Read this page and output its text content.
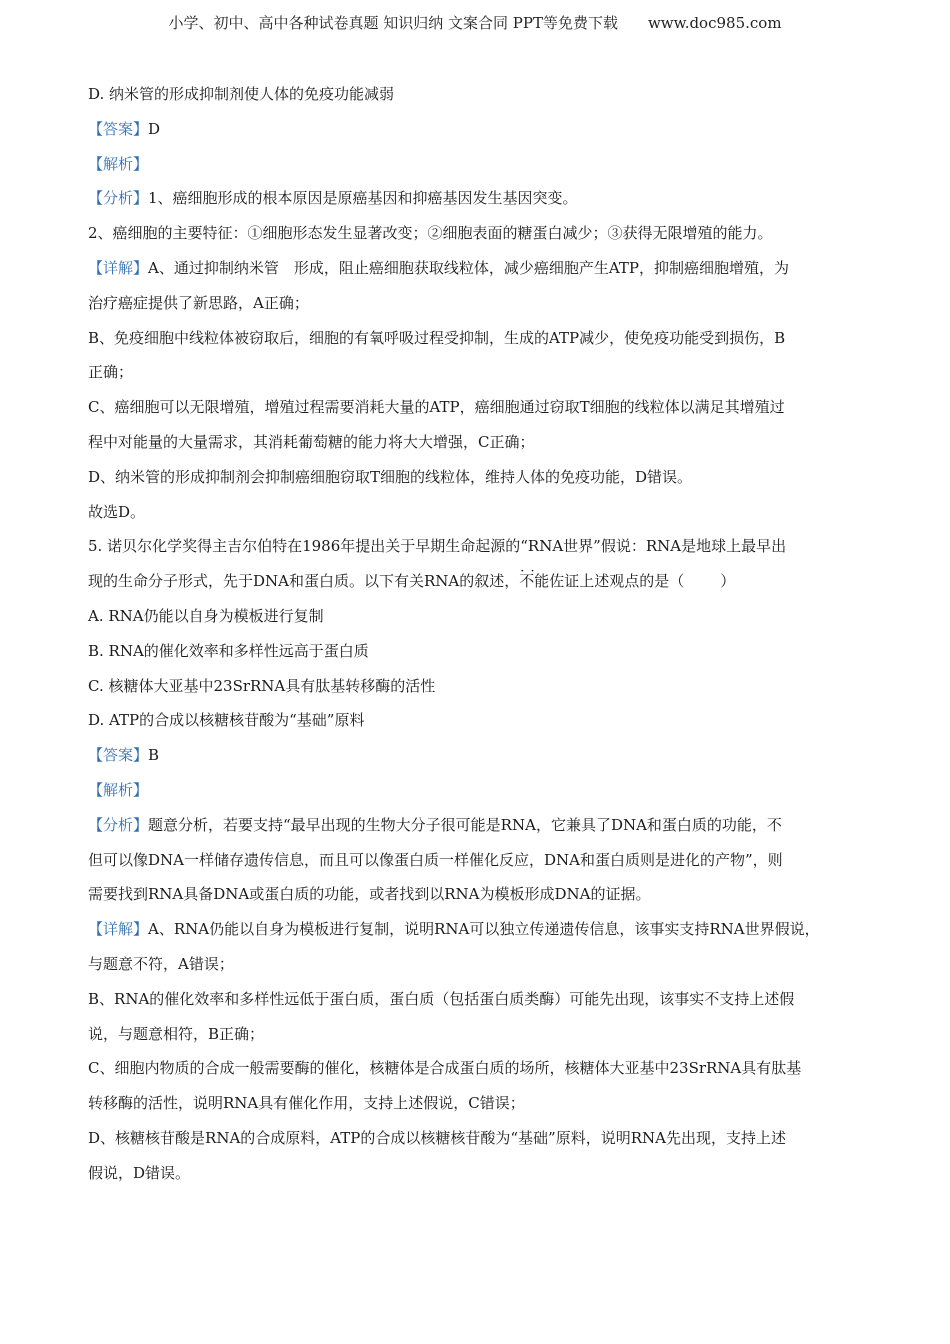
小学、初中、高中各种试卷真题 知识归纳 文案合同 PPT等免费下载 www.doc985.com
D. 纳米管的形成抑制剂使人体的免疫功能减弱
【答案】D
【解析】
【分析】1、癌细胞形成的根本原因是原癌基因和抑癌基因发生基因突变。
2、癌细胞的主要特征：①细胞形态发生显著改变；②细胞表面的糖蛋白减少；③获得无限增殖的能力。
【详解】A、通过抑制纳米管　形成，阻止癌细胞获取线粒体，减少癌细胞产生ATP，抑制癌细胞增殖，为
治疗癌症提供了新思路，A正确；
B、免疫细胞中线粒体被窃取后，细胞的有氧呼吸过程受抑制，生成的ATP减少，使免疫功能受到损伤，B
正确；
C、癌细胞可以无限增殖，增殖过程需要消耗大量的ATP，癌细胞通过窃取T细胞的线粒体以满足其增殖过
程中对能量的大量需求，其消耗葡萄糖的能力将大大增强，C正确；
D、纳米管的形成抑制剂会抑制癌细胞窃取T细胞的线粒体，维持人体的免疫功能，D错误。
故选D。
5. 诺贝尔化学奖得主吉尔伯特在1986年提出关于早期生命起源的“RNA世界”假说：RNA是地球上最早出
现的生命分子形式，先于DNA和蛋白质。以下有关RNA的叙述，不能 · ·佐证上述观点的是（ ）
A. RNA仍能以自身为模板进行复制
B. RNA的催化效率和多样性远高于蛋白质
C. 核糖体大亚基中23SrRNA具有肽基转移酶的活性
D. ATP的合成以核糖核苷酸为“基础”原料
【答案】B
【解析】
【分析】题意分析，若要支持“最早出现的生物大分子很可能是RNA，它兼具了DNA和蛋白质的功能，不
但可以像DNA一样储存遗传信息，而且可以像蛋白质一样催化反应，DNA和蛋白质则是进化的产物”，则
需要找到RNA具备DNA或蛋白质的功能，或者找到以RNA为模板形成DNA的证据。
【详解】A、RNA仍能以自身为模板进行复制，说明RNA可以独立传递遗传信息，该事实支持RNA世界假说，
与题意不符，A错误；
B、RNA的催化效率和多样性远低于蛋白质，蛋白质（包括蛋白质类酶）可能先出现，该事实不支持上述假
说，与题意相符，B正确；
C、细胞内物质的合成一般需要酶的催化，核糖体是合成蛋白质的场所，核糖体大亚基中23SrRNA具有肽基
转移酶的活性，说明RNA具有催化作用，支持上述假说，C错误；
D、核糖核苷酸是RNA的合成原料，ATP的合成以核糖核苷酸为“基础”原料，说明RNA先出现，支持上述
假说，D错误。
